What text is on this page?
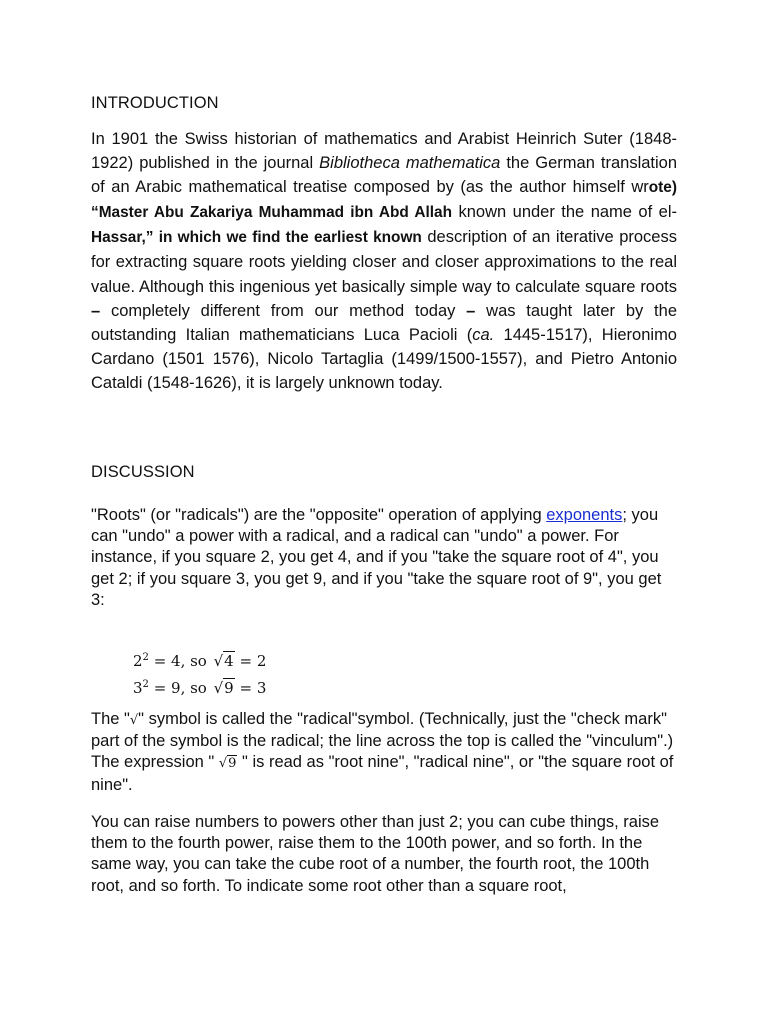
INTRODUCTION
In 1901 the Swiss historian of mathematics and Arabist Heinrich Suter (1848-1922) published in the journal Bibliotheca mathematica the German translation of an Arabic mathematical treatise composed by (as the author himself wrote) “Master Abu Zakariya Muhammad ibn Abd Allah known under the name of el-Hassar,” in which we find the earliest known description of an iterative process for extracting square roots yielding closer and closer approximations to the real value. Although this ingenious yet basically simple way to calculate square roots – completely different from our method today – was taught later by the outstanding Italian mathematicians Luca Pacioli (ca. 1445-1517), Hieronimo Cardano (1501 1576), Nicolo Tartaglia (1499/1500-1557), and Pietro Antonio Cataldi (1548-1626), it is largely unknown today.
DISCUSSION
"Roots" (or "radicals") are the "opposite" operation of applying exponents; you can "undo" a power with a radical, and a radical can "undo" a power. For instance, if you square 2, you get 4, and if you "take the square root of 4", you get 2; if you square 3, you get 9, and if you "take the square root of 9", you get 3:
$2^2 = 4$, so √4 = 2
$3^2 = 9$, so √9 = 3
The "√" symbol is called the "radical"symbol. (Technically, just the "check mark" part of the symbol is the radical; the line across the top is called the "vinculum".) The expression " √9 " is read as "root nine", "radical nine", or "the square root of nine".
You can raise numbers to powers other than just 2; you can cube things, raise them to the fourth power, raise them to the 100th power, and so forth. In the same way, you can take the cube root of a number, the fourth root, the 100th root, and so forth. To indicate some root other than a square root,
